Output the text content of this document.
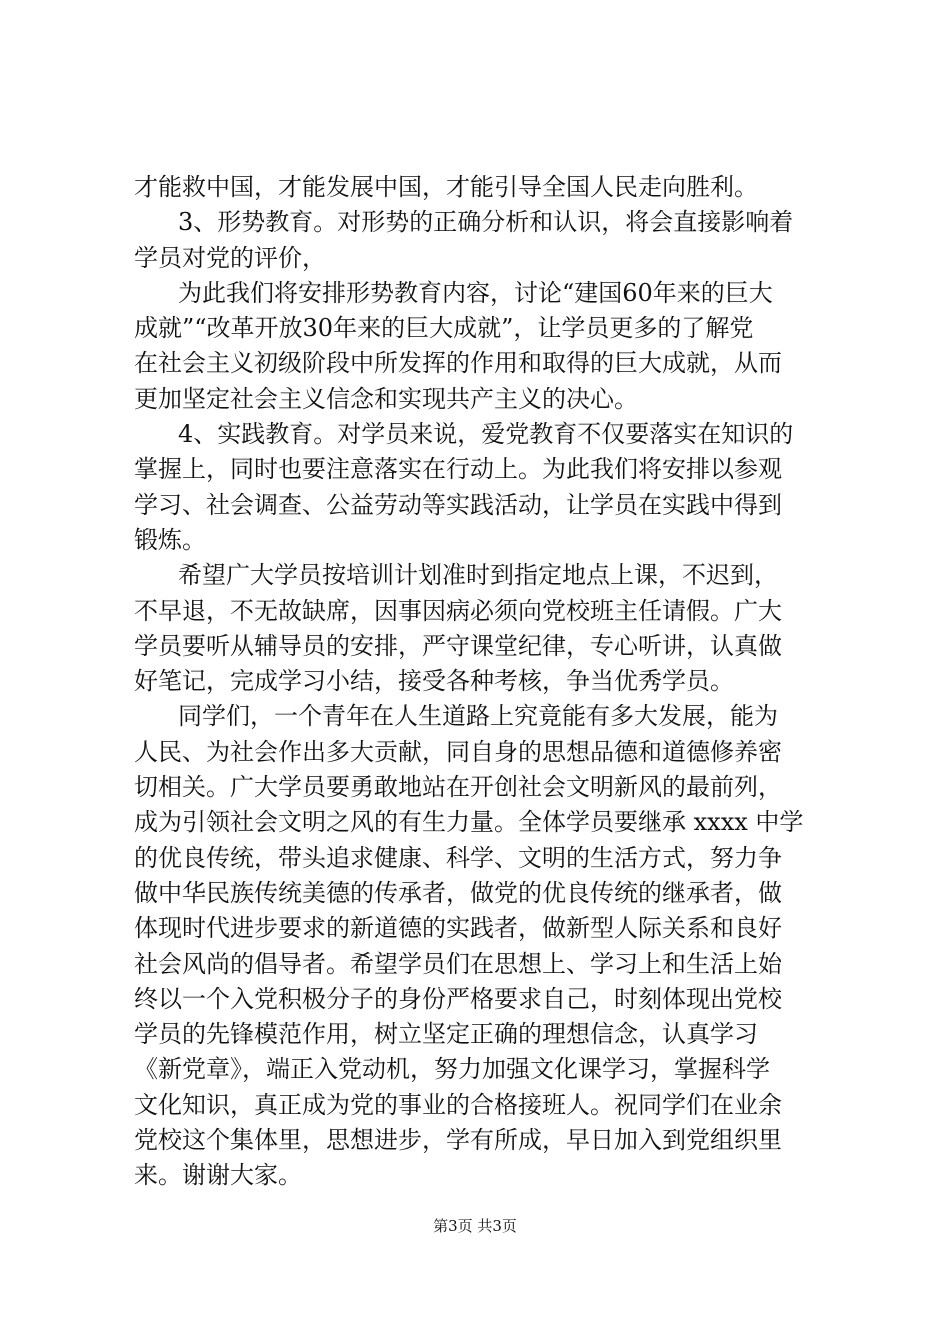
才能救中国，才能发展中国，才能引导全国人民走向胜利。
3、形势教育。对形势的正确分析和认识，将会直接影响着
学员对党的评价，
为此我们将安排形势教育内容，讨论“建国60年来的巨大
成就”“改革开放30年来的巨大成就”，让学员更多的了解党
在社会主义初级阶段中所发挥的作用和取得的巨大成就，从而
更加坚定社会主义信念和实现共产主义的决心。
4、实践教育。对学员来说，爱党教育不仅要落实在知识的
掌握上，同时也要注意落实在行动上。为此我们将安排以参观
学习、社会调查、公益劳动等实践活动，让学员在实践中得到
锻炼。
希望广大学员按培训计划准时到指定地点上课，不迟到，
不早退，不无故缺席，因事因病必须向党校班主任请假。广大
学员要听从辅导员的安排，严守课堂纪律，专心听讲，认真做
好笔记，完成学习小结，接受各种考核，争当优秀学员。
同学们，一个青年在人生道路上究竟能有多大发展，能为
人民、为社会作出多大贡献，同自身的思想品德和道德修养密
切相关。广大学员要勇敢地站在开创社会文明新风的最前列，
成为引领社会文明之风的有生力量。全体学员要继承 xxxx 中学
的优良传统，带头追求健康、科学、文明的生活方式，努力争
做中华民族传统美德的传承者，做党的优良传统的继承者，做
体现时代进步要求的新道德的实践者，做新型人际关系和良好
社会风尚的倡导者。希望学员们在思想上、学习上和生活上始
终以一个入党积极分子的身份严格要求自己，时刻体现出党校
学员的先锋模范作用，树立坚定正确的理想信念，认真学习
《新党章》，端正入党动机，努力加强文化课学习，掌握科学
文化知识，真正成为党的事业的合格接班人。祝同学们在业余
党校这个集体里，思想进步，学有所成，早日加入到党组织里
来。谢谢大家。
第3页 共3页
